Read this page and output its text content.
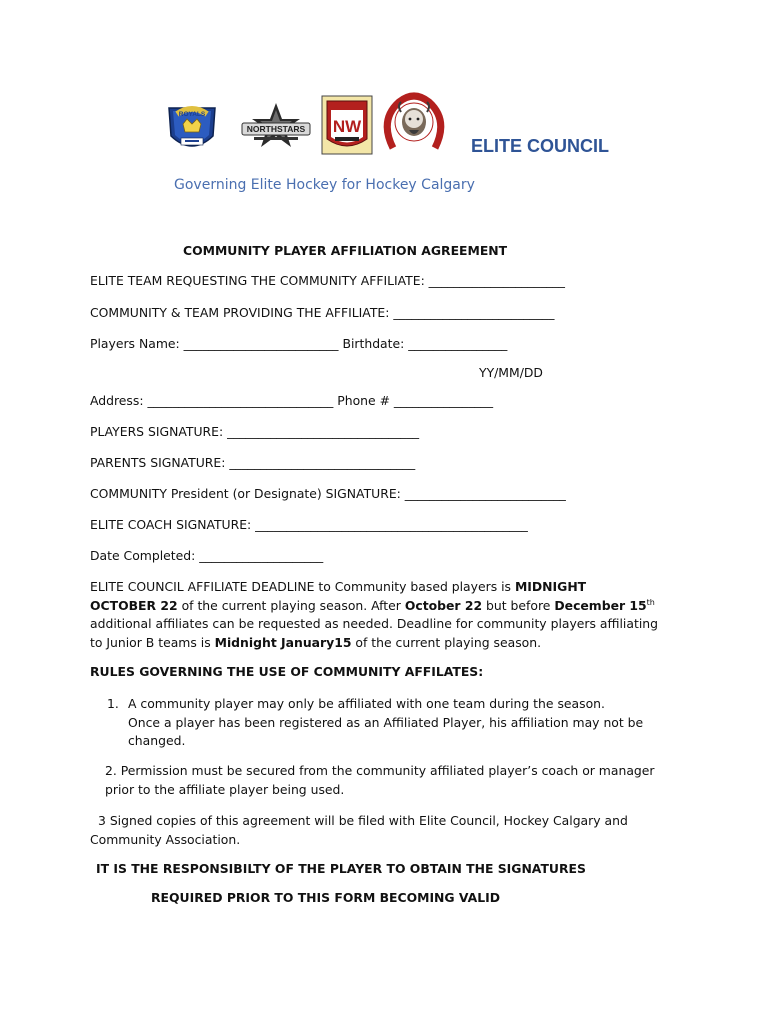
ROYALS
NORTHSTARS NW
ELITE COUNCIL
Governing Elite Hockey for Hockey Calgary
COMMUNITY PLAYER AFFILIATION AGREEMENT
ELITE TEAM REQUESTING THE COMMUNITY AFFILIATE: ______________________
COMMUNITY & TEAM PROVIDING THE AFFILIATE: __________________________
Players Name: _________________________ Birthdate: ________________
YY/MM/DD
Address: ______________________________ Phone # ________________
PLAYERS SIGNATURE: _______________________________
PARENTS SIGNATURE: ______________________________
COMMUNITY President (or Designate) SIGNATURE: __________________________
ELITE COACH SIGNATURE: ____________________________________________
Date Completed: ____________________
ELITE COUNCIL AFFILIATE DEADLINE to Community based players is MIDNIGHT
OCTOBER 22 of the current playing season. After October 22 but before December 15th
additional affiliates can be requested as needed. Deadline for community players affiliating
to Junior B teams is Midnight January15 of the current playing season.
RULES GOVERNING THE USE OF COMMUNITY AFFILATES:
1. A community player may only be affiliated with one team during the season.
Once a player has been registered as an Affiliated Player, his affiliation may not be
changed.
2. Permission must be secured from the community affiliated player’s coach or manager
prior to the affiliate player being used.
3 Signed copies of this agreement will be filed with Elite Council, Hockey Calgary and
Community Association.
IT IS THE RESPONSIBILTY OF THE PLAYER TO OBTAIN THE SIGNATURES
REQUIRED PRIOR TO THIS FORM BECOMING VALID
